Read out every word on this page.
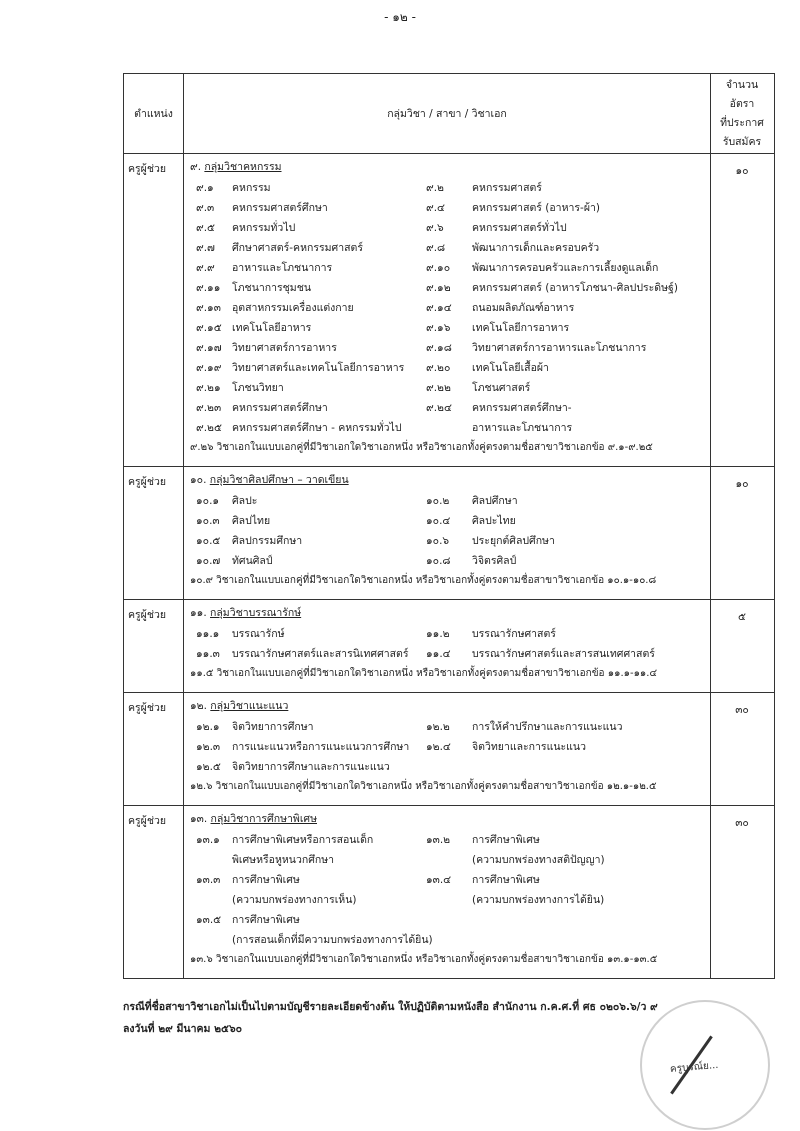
- ๑๒ -
ตำแหน่ง	กลุ่มวิชา / สาขา / วิชาเอก
จำนวน
อัตรา
ที่ประกาศ
รับสมัคร
ครูผู้ช่วย	๙. กลุ่มวิชาคหกรรม
๙.๑	คหกรรม	๙.๒	คหกรรมศาสตร์
๙.๓	คหกรรมศาสตร์ศึกษา	๙.๔	คหกรรมศาสตร์ (อาหาร-ผ้า)
๙.๕	คหกรรมทั่วไป	๙.๖	คหกรรมศาสตร์ทั่วไป
๙.๗	ศึกษาศาสตร์-คหกรรมศาสตร์	๙.๘	พัฒนาการเด็กและครอบครัว
๙.๙	อาหารและโภชนาการ	๙.๑๐	พัฒนาการครอบครัวและการเลี้ยงดูแลเด็ก
๙.๑๑	โภชนาการชุมชน	๙.๑๒	คหกรรมศาสตร์ (อาหารโภชนา-ศิลปประดิษฐ์)
๙.๑๓	อุตสาหกรรมเครื่องแต่งกาย	๙.๑๔	ถนอมผลิตภัณฑ์อาหาร
๙.๑๕ เทคโนโลยีอาหาร	๙.๑๖	เทคโนโลยีการอาหาร
๙.๑๗ วิทยาศาสตร์การอาหาร	๙.๑๘	วิทยาศาสตร์การอาหารและโภชนาการ
๙.๑๙	วิทยาศาสตร์และเทคโนโลยีการอาหาร	๙.๒๐	เทคโนโลยีเสื้อผ้า
๙.๒๑	โภชนวิทยา	๙.๒๒	โภชนศาสตร์
๙.๒๓	คหกรรมศาสตร์ศึกษา	๙.๒๔	คหกรรมศาสตร์ศึกษา-
๙.๒๕ คหกรรมศาสตร์ศึกษา - คหกรรมทั่วไป	อาหารและโภชนาการ
๙.๒๖ วิชาเอกในแบบเอกคู่ที่มีวิชาเอกใดวิชาเอกหนึ่ง หรือวิชาเอกทั้งคู่ตรงตามชื่อสาขาวิชาเอกข้อ ๙.๑-๙.๒๕
๑๐
ครูผู้ช่วย	๑๐. กลุ่มวิชาศิลปศึกษา – วาดเขียน
๑๐.๑	ศิลปะ	๑๐.๒	ศิลปศึกษา
๑๐.๓	ศิลปไทย	๑๐.๔	ศิลปะไทย
๑๐.๕	ศิลปกรรมศึกษา	๑๐.๖	ประยุกต์ศิลปศึกษา
๑๐.๗	ทัศนศิลป์	๑๐.๘	วิจิตรศิลป์
๑๐.๙ วิชาเอกในแบบเอกคู่ที่มีวิชาเอกใดวิชาเอกหนึ่ง หรือวิชาเอกทั้งคู่ตรงตามชื่อสาขาวิชาเอกข้อ ๑๐.๑-๑๐.๘
๑๐
ครูผู้ช่วย	๑๑. กลุ่มวิชาบรรณารักษ์
๑๑.๑	บรรณารักษ์	๑๑.๒	บรรณารักษศาสตร์
๑๑.๓	บรรณารักษศาสตร์และสารนิเทศศาสตร์	๑๑.๔	บรรณารักษศาสตร์และสารสนเทศศาสตร์
๑๑.๕ วิชาเอกในแบบเอกคู่ที่มีวิชาเอกใดวิชาเอกหนึ่ง หรือวิชาเอกทั้งคู่ตรงตามชื่อสาขาวิชาเอกข้อ ๑๑.๑-๑๑.๔
๕
ครูผู้ช่วย	๑๒. กลุ่มวิชาแนะแนว
๑๒.๑	จิตวิทยาการศึกษา	๑๒.๒	การให้คำปรึกษาและการแนะแนว
๑๒.๓	การแนะแนวหรือการแนะแนวการศึกษา	๑๒.๔	จิตวิทยาและการแนะแนว
๑๒.๕	จิตวิทยาการศึกษาและการแนะแนว
๑๒.๖ วิชาเอกในแบบเอกคู่ที่มีวิชาเอกใดวิชาเอกหนึ่ง หรือวิชาเอกทั้งคู่ตรงตามชื่อสาขาวิชาเอกข้อ ๑๒.๑-๑๒.๕
๓๐
ครูผู้ช่วย	๑๓. กลุ่มวิชาการศึกษาพิเศษ
๑๓.๑	การศึกษาพิเศษหรือการสอนเด็ก	๑๓.๒	การศึกษาพิเศษ
พิเศษหรือหูหนวกศึกษา	(ความบกพร่องทางสติปัญญา)
๑๓.๓	การศึกษาพิเศษ	๑๓.๔	การศึกษาพิเศษ
(ความบกพร่องทางการเห็น)	(ความบกพร่องทางการได้ยิน)
๑๓.๕	การศึกษาพิเศษ
(การสอนเด็กที่มีความบกพร่องทางการได้ยิน)
๑๓.๖ วิชาเอกในแบบเอกคู่ที่มีวิชาเอกใดวิชาเอกหนึ่ง หรือวิชาเอกทั้งคู่ตรงตามชื่อสาขาวิชาเอกข้อ ๑๓.๑-๑๓.๕
๓๐
กรณีที่ชื่อสาขาวิชาเอกไม่เป็นไปตามบัญชีรายละเอียดข้างต้น ให้ปฏิบัติตามหนังสือ สำนักงาน ก.ค.ศ.ที่ ศธ ๐๒๐๖.๖/ว ๙
ลงวันที่ ๒๙ มีนาคม ๒๕๖๐
ครูบูรณ์ย...
